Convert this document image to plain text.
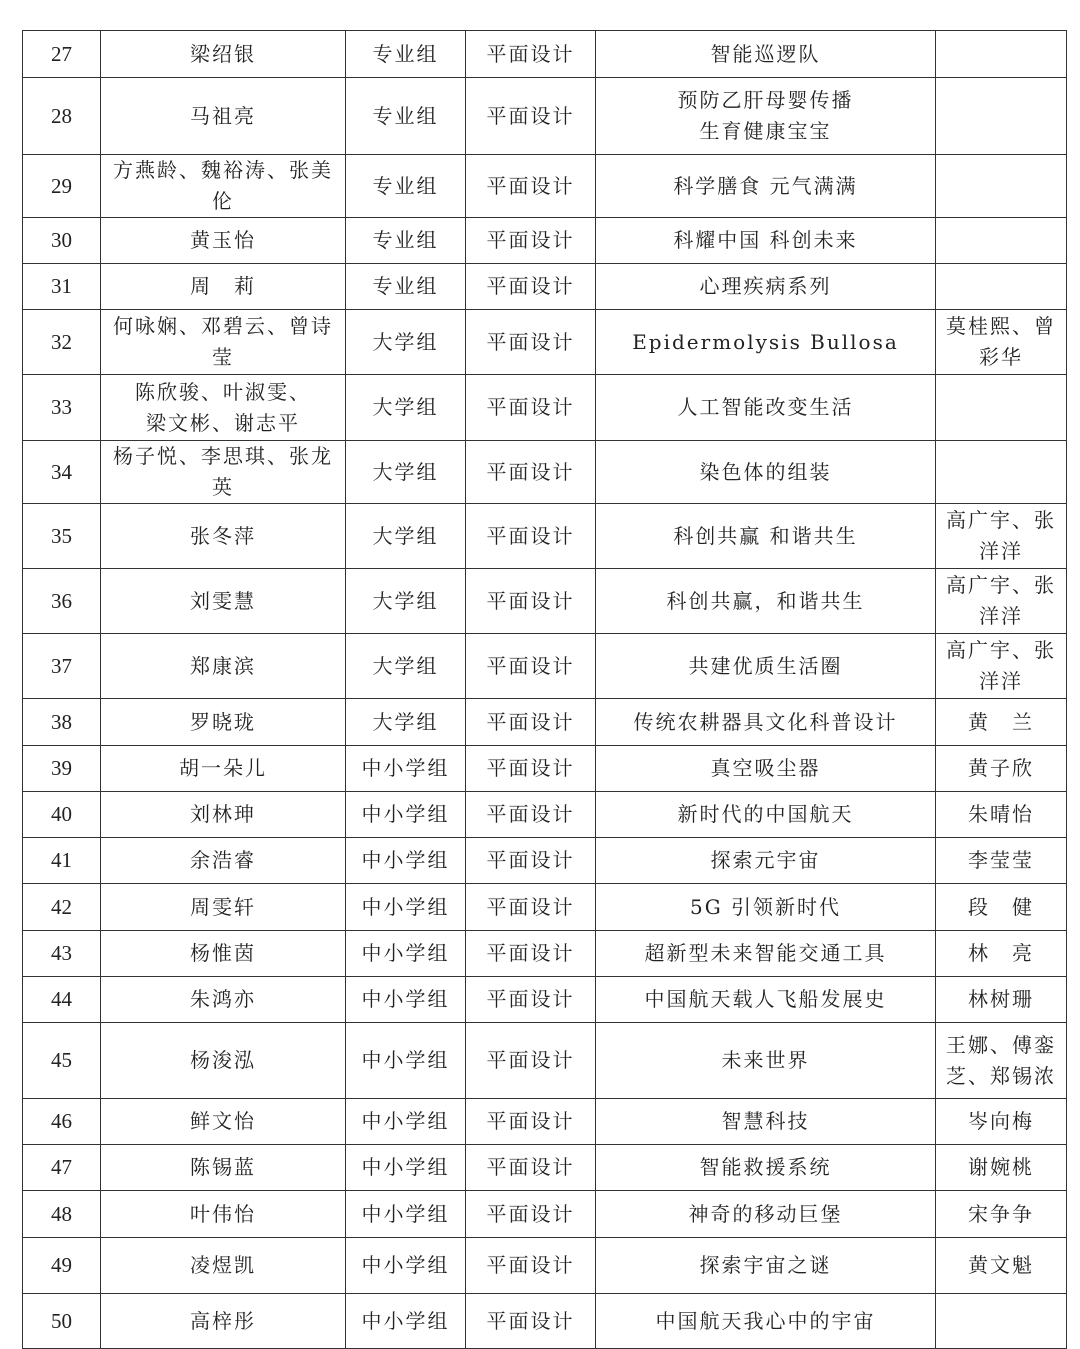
27	梁绍银	专业组	平面设计	智能巡逻队	

28	马祖亮	专业组	平面设计	预防乙肝母婴传播
生育健康宝宝	

29	方燕龄、魏裕涛、张美伦	专业组	平面设计	科学膳食 元气满满	

30	黄玉怡	专业组	平面设计	科耀中国 科创未来	

31	周　莉	专业组	平面设计	心理疾病系列	

32	何咏娴、邓碧云、曾诗莹	大学组	平面设计	Epidermolysis Bullosa	莫桂熙、曾
彩华

33	陈欣骏、叶淑雯、
梁文彬、谢志平	大学组	平面设计	人工智能改变生活	

34	杨子悦、李思琪、张龙英	大学组	平面设计	染色体的组装	

35	张冬萍	大学组	平面设计	科创共赢 和谐共生	高广宇、张
洋洋

36	刘雯慧	大学组	平面设计	科创共赢，和谐共生	高广宇、张
洋洋

37	郑康滨	大学组	平面设计	共建优质生活圈	高广宇、张
洋洋

38	罗晓珑	大学组	平面设计	传统农耕器具文化科普设计	黄　兰

39	胡一朵儿	中小学组	平面设计	真空吸尘器	黄子欣

40	刘林珅	中小学组	平面设计	新时代的中国航天	朱晴怡

41	余浩睿	中小学组	平面设计	探索元宇宙	李莹莹

42	周雯轩	中小学组	平面设计	5G 引领新时代	段　健

43	杨惟茵	中小学组	平面设计	超新型未来智能交通工具	林　亮

44	朱鸿亦	中小学组	平面设计	中国航天载人飞船发展史	林树珊

45	杨浚泓	中小学组	平面设计	未来世界	王娜、傅銮
芝、郑锡浓

46	鲜文怡	中小学组	平面设计	智慧科技	岑向梅

47	陈锡蓝	中小学组	平面设计	智能救援系统	谢婉桃

48	叶伟怡	中小学组	平面设计	神奇的移动巨堡	宋争争

49	凌煜凯	中小学组	平面设计	探索宇宙之谜	黄文魁

50	高梓彤	中小学组	平面设计	中国航天我心中的宇宙	
